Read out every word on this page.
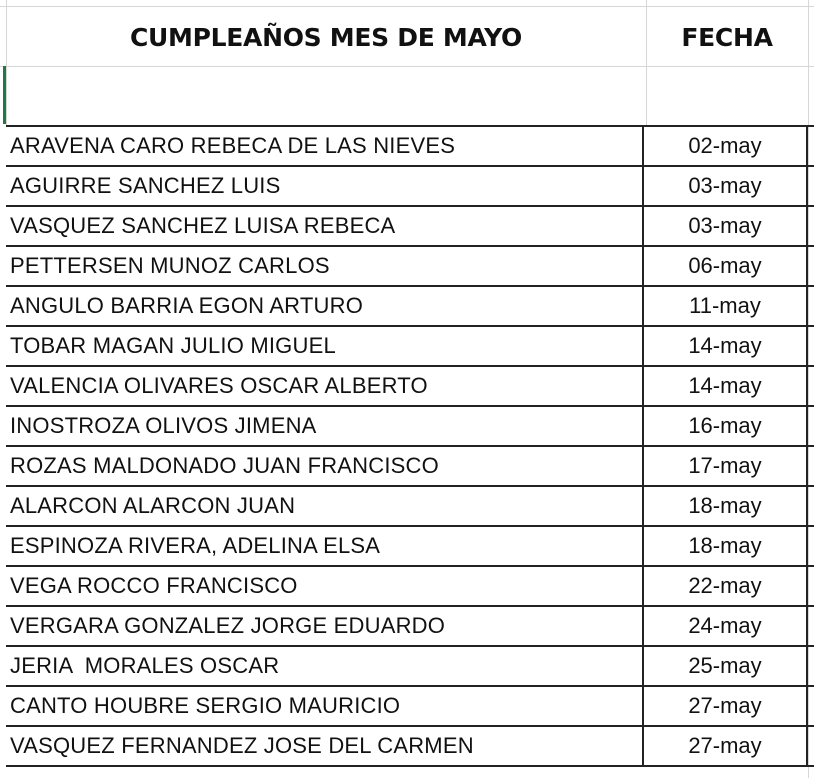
CUMPLEAÑOS MES DE MAYO	FECHA
ARAVENA CARO REBECA DE LAS NIEVES	02-may
AGUIRRE SANCHEZ LUIS	03-may
VASQUEZ SANCHEZ LUISA REBECA	03-may
PETTERSEN MUNOZ CARLOS	06-may
ANGULO BARRIA EGON ARTURO	11-may
TOBAR MAGAN JULIO MIGUEL	14-may
VALENCIA OLIVARES OSCAR ALBERTO	14-may
INOSTROZA OLIVOS JIMENA	16-may
ROZAS MALDONADO JUAN FRANCISCO	17-may
ALARCON ALARCON JUAN	18-may
ESPINOZA RIVERA, ADELINA ELSA	18-may
VEGA ROCCO FRANCISCO	22-may
VERGARA GONZALEZ JORGE EDUARDO	24-may
JERIA  MORALES OSCAR	25-may
CANTO HOUBRE SERGIO MAURICIO	27-may
VASQUEZ FERNANDEZ JOSE DEL CARMEN	27-may
